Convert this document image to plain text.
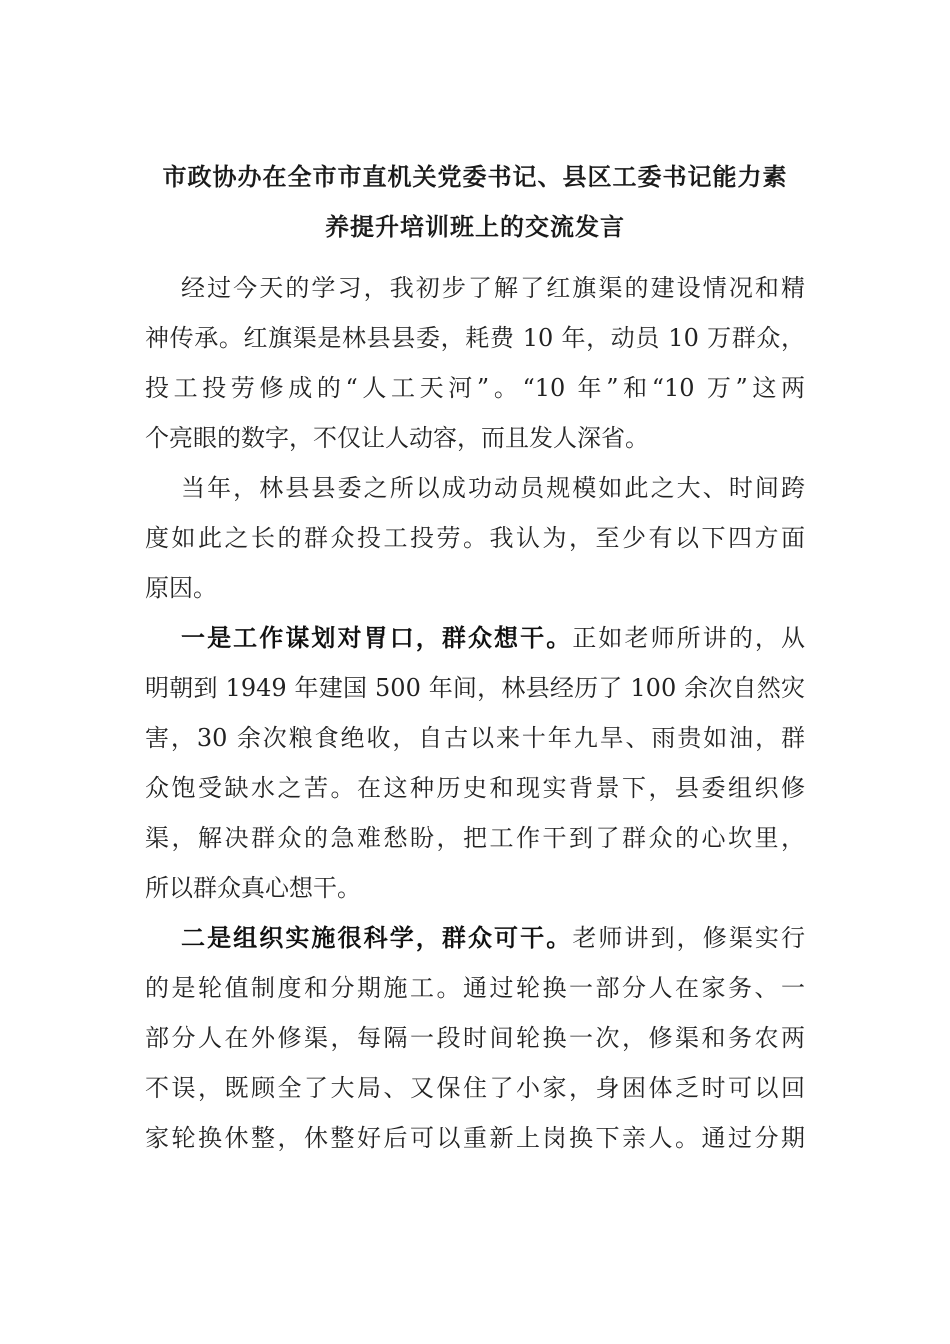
市政协办在全市市直机关党委书记、县区工委书记能力素
养提升培训班上的交流发言
经过今天的学习，我初步了解了红旗渠的建设情况和精
神传承。红旗渠是林县县委，耗费 10 年，动员 10 万群众，
投工投劳修成的“人工天河”。“10 年”和“10 万”这两
个亮眼的数字，不仅让人动容，而且发人深省。
当年，林县县委之所以成功动员规模如此之大、时间跨
度如此之长的群众投工投劳。我认为，至少有以下四方面
原因。
一是工作谋划对胃口，群众想干。正如老师所讲的，从
明朝到 1949 年建国 500 年间，林县经历了 100 余次自然灾
害，30 余次粮食绝收，自古以来十年九旱、雨贵如油，群
众饱受缺水之苦。在这种历史和现实背景下，县委组织修
渠，解决群众的急难愁盼，把工作干到了群众的心坎里，
所以群众真心想干。
二是组织实施很科学，群众可干。老师讲到，修渠实行
的是轮值制度和分期施工。通过轮换一部分人在家务、一
部分人在外修渠，每隔一段时间轮换一次，修渠和务农两
不误，既顾全了大局、又保住了小家，身困体乏时可以回
家轮换休整，休整好后可以重新上岗换下亲人。通过分期
